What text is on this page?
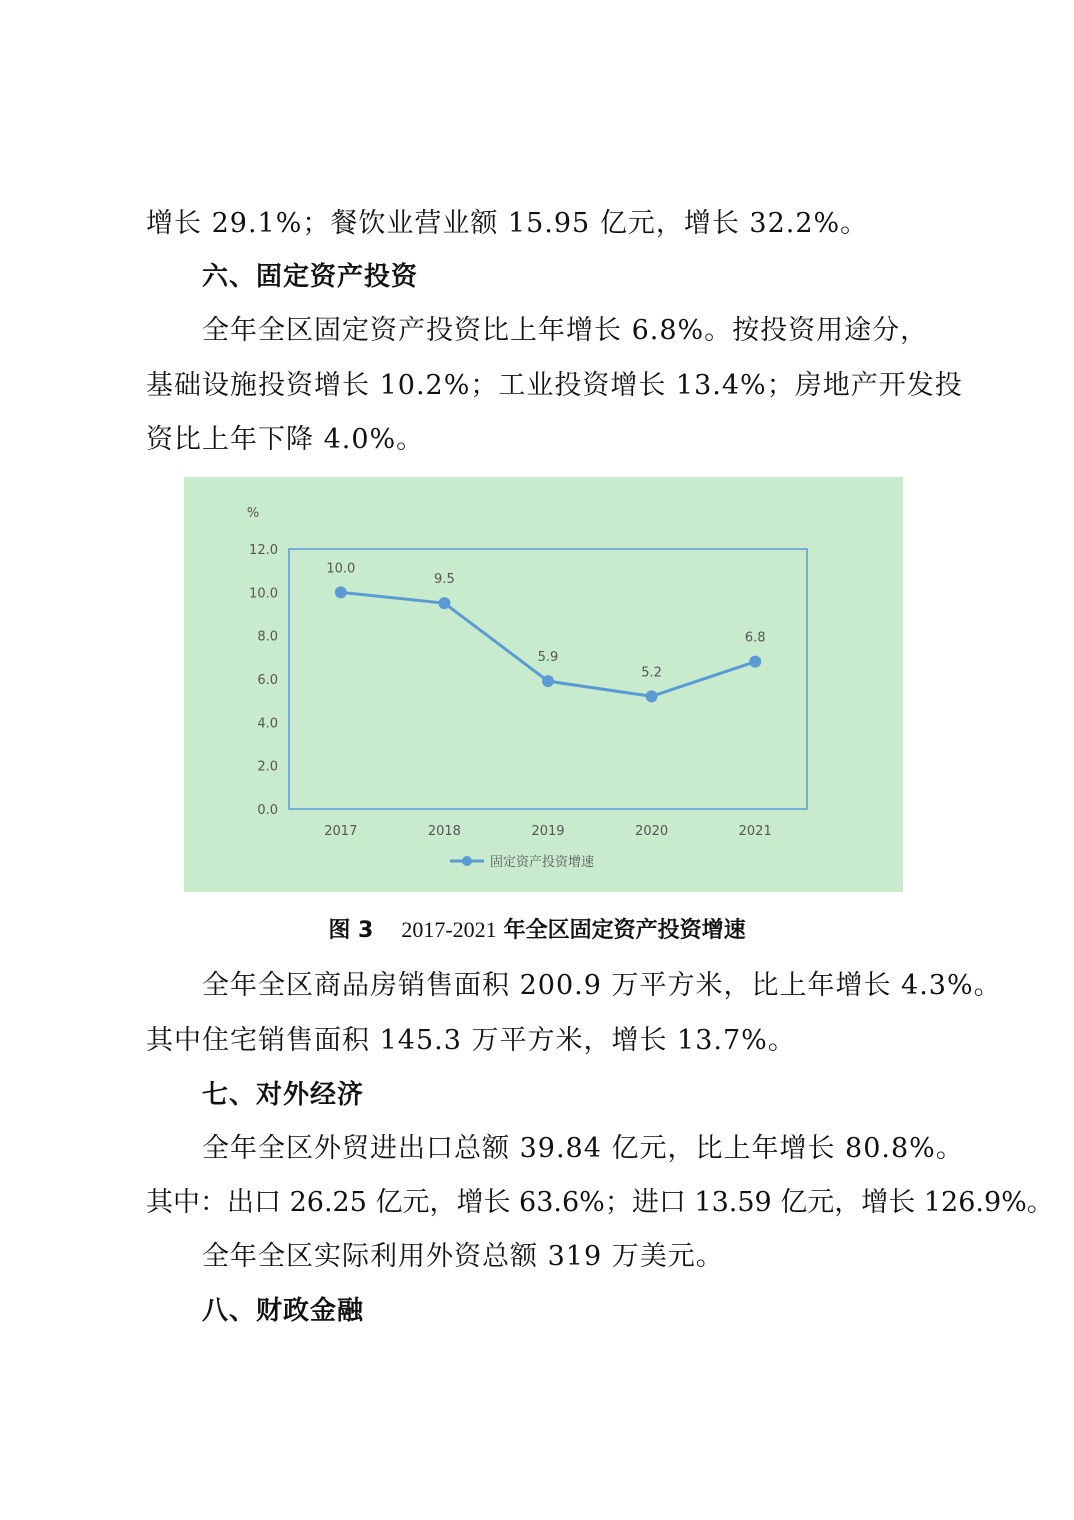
增长 29.1%；餐饮业营业额 15.95 亿元，增长 32.2%。
六、固定资产投资
全年全区固定资产投资比上年增长 6.8%。按投资用途分，
基础设施投资增长 10.2%；工业投资增长 13.4%；房地产开发投
资比上年下降 4.0%。
%
0.0
2.0
4.0
6.0
8.0
10.0
12.0
2017	2018	2019	2020	2021
10.0
9.5
5.9
5.2
6.8
固定资产投资增速
图 3 2017-2021 年全区固定资产投资增速
全年全区商品房销售面积 200.9 万平方米，比上年增长 4.3%。
其中住宅销售面积 145.3 万平方米，增长 13.7%。
七、对外经济
全年全区外贸进出口总额 39.84 亿元，比上年增长 80.8%。
其中：出口 26.25 亿元，增长 63.6%；进口 13.59 亿元，增长 126.9%。
全年全区实际利用外资总额 319 万美元。
八、财政金融
